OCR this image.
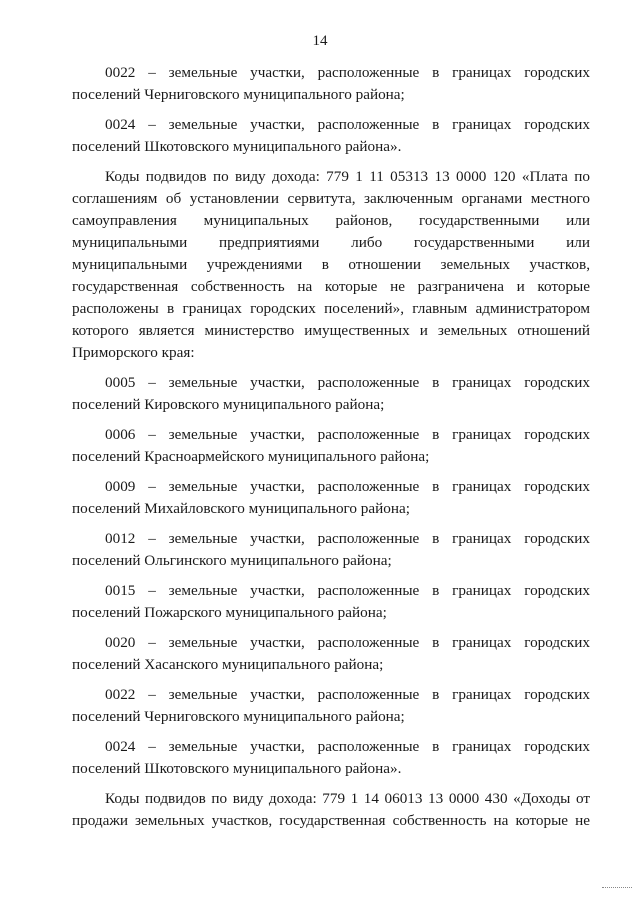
14
0022 – земельные участки, расположенные в границах городских
поселений Черниговского муниципального района;
0024 – земельные участки, расположенные в границах городских
поселений Шкотовского муниципального района».

Коды подвидов по виду дохода: 779 1 11 05313 13 0000 120 «Плата по соглашениям об установлении сервитута, заключенным органами местного самоуправления муниципальных районов, государственными или муниципальными предприятиями либо государственными или муниципальными учреждениями в отношении земельных участков, государственная собственность на которые не разграничена и которые расположены в границах городских поселений», главным администратором которого является министерство имущественных и земельных отношений Приморского края:

0005 – земельные участки, расположенные в границах городских
поселений Кировского муниципального района;
0006 – земельные участки, расположенные в границах городских
поселений Красноармейского муниципального района;
0009 – земельные участки, расположенные в границах городских
поселений Михайловского муниципального района;
0012 – земельные участки, расположенные в границах городских
поселений Ольгинского муниципального района;
0015 – земельные участки, расположенные в границах городских
поселений Пожарского муниципального района;
0020 – земельные участки, расположенные в границах городских
поселений Хасанского муниципального района;
0022 – земельные участки, расположенные в границах городских
поселений Черниговского муниципального района;
0024 – земельные участки, расположенные в границах городских
поселений Шкотовского муниципального района».

Коды подвидов по виду дохода: 779 1 14 06013 13 0000 430 «Доходы от продажи земельных участков, государственная собственность на которые не
